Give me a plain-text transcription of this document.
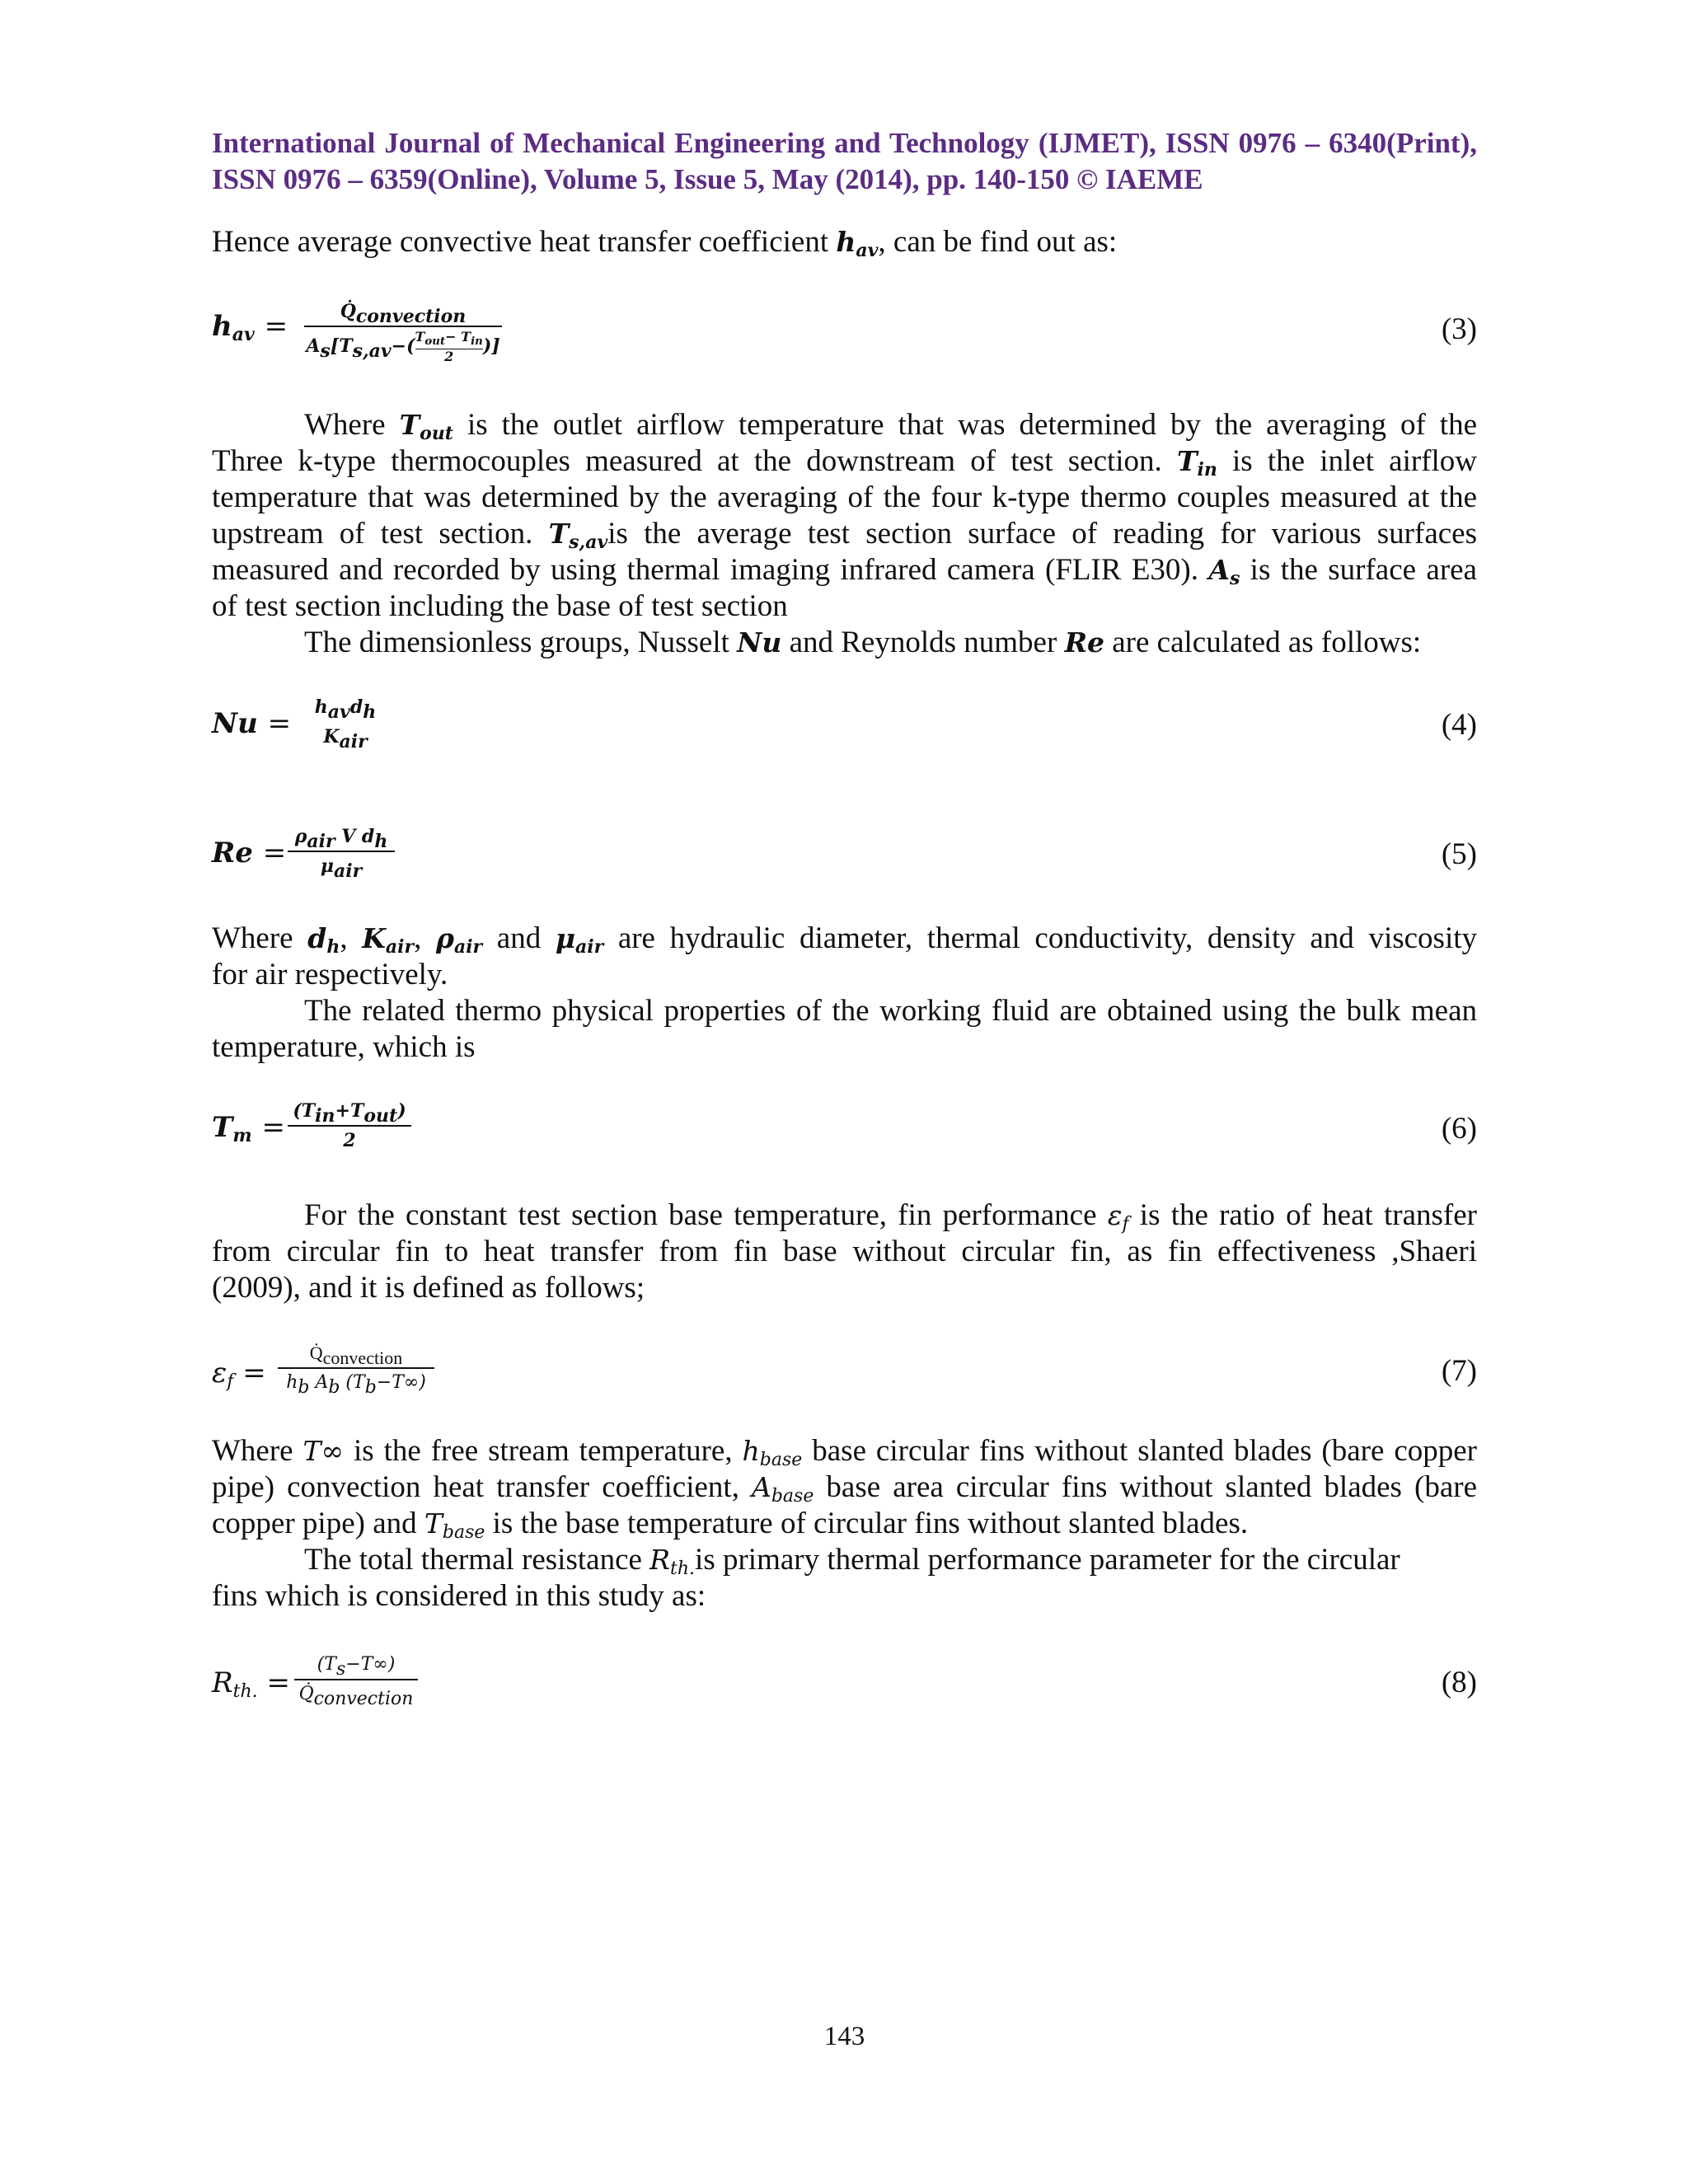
International Journal of Mechanical Engineering and Technology (IJMET), ISSN 0976 – 6340(Print),
ISSN 0976 – 6359(Online), Volume 5, Issue 5, May (2014), pp. 140-150 © IAEME
Hence average convective heat transfer coefficient $h_{av}$, can be find out as:
$h_{av}$ =	$Q̇_{convection}$
$A_s[T_{s,av}-$( $T_{out}- T_{in}$
2	)]
(3)
Where $T_{out}$ is the outlet airflow temperature that was determined by the averaging of the
Three k-type thermocouples measured at the downstream of test section. $T_{in}$ is the inlet airflow
temperature that was determined by the averaging of the four k-type thermo couples measured at the
upstream of test section. $T_{s,av}is$ the average test section surface of reading for various surfaces
measured and recorded by using thermal imaging infrared camera (FLIR E30). $A_s$ is the surface area
of test section including the base of test section
The dimensionless groups, Nusselt Nu and Reynolds number Re are calculated as follows:
Nu =	$h_{av}d_h$
$K_{air}$	(4)
$Re = \rho_{air}$ V $d_h$
$\mu_{air}$	(5)
Where $d_h$, $K_{air}$, $\rho_{air}$ and $\mu_{air}$ are hydraulic diameter, thermal conductivity, density and viscosity
for air respectively.
The related thermo physical properties of the working fluid are obtained using the bulk mean
temperature, which is
$T_m = (T_{in}+T_{out})$
2	(6)
For the constant test section base temperature, fin performance $\varepsilon_f$ is the ratio of heat transfer
from circular fin to heat transfer from fin base without circular fin, as fin effectiveness ,Shaeri
(2009), and it is defined as follows;
$\varepsilon_f$ =
$Q̇_{convection}$
$h_b$ $A_b$ $(T_b-T\infty)$	(7)
Where T∞ is the free stream temperature, $h_{base}$ base circular fins without slanted blades (bare copper
pipe) convection heat transfer coefficient, $A_{base}$ base area circular fins without slanted blades (bare
copper pipe) and $T_{base}$ is the base temperature of circular fins without slanted blades.
The total thermal resistance $R_{th.}is$ primary thermal performance parameter for the circular
fins which is considered in this study as:
$R_{th.}$ =
$(T_s-T\infty)$
$Q̇_{convection}$	(8)
143
